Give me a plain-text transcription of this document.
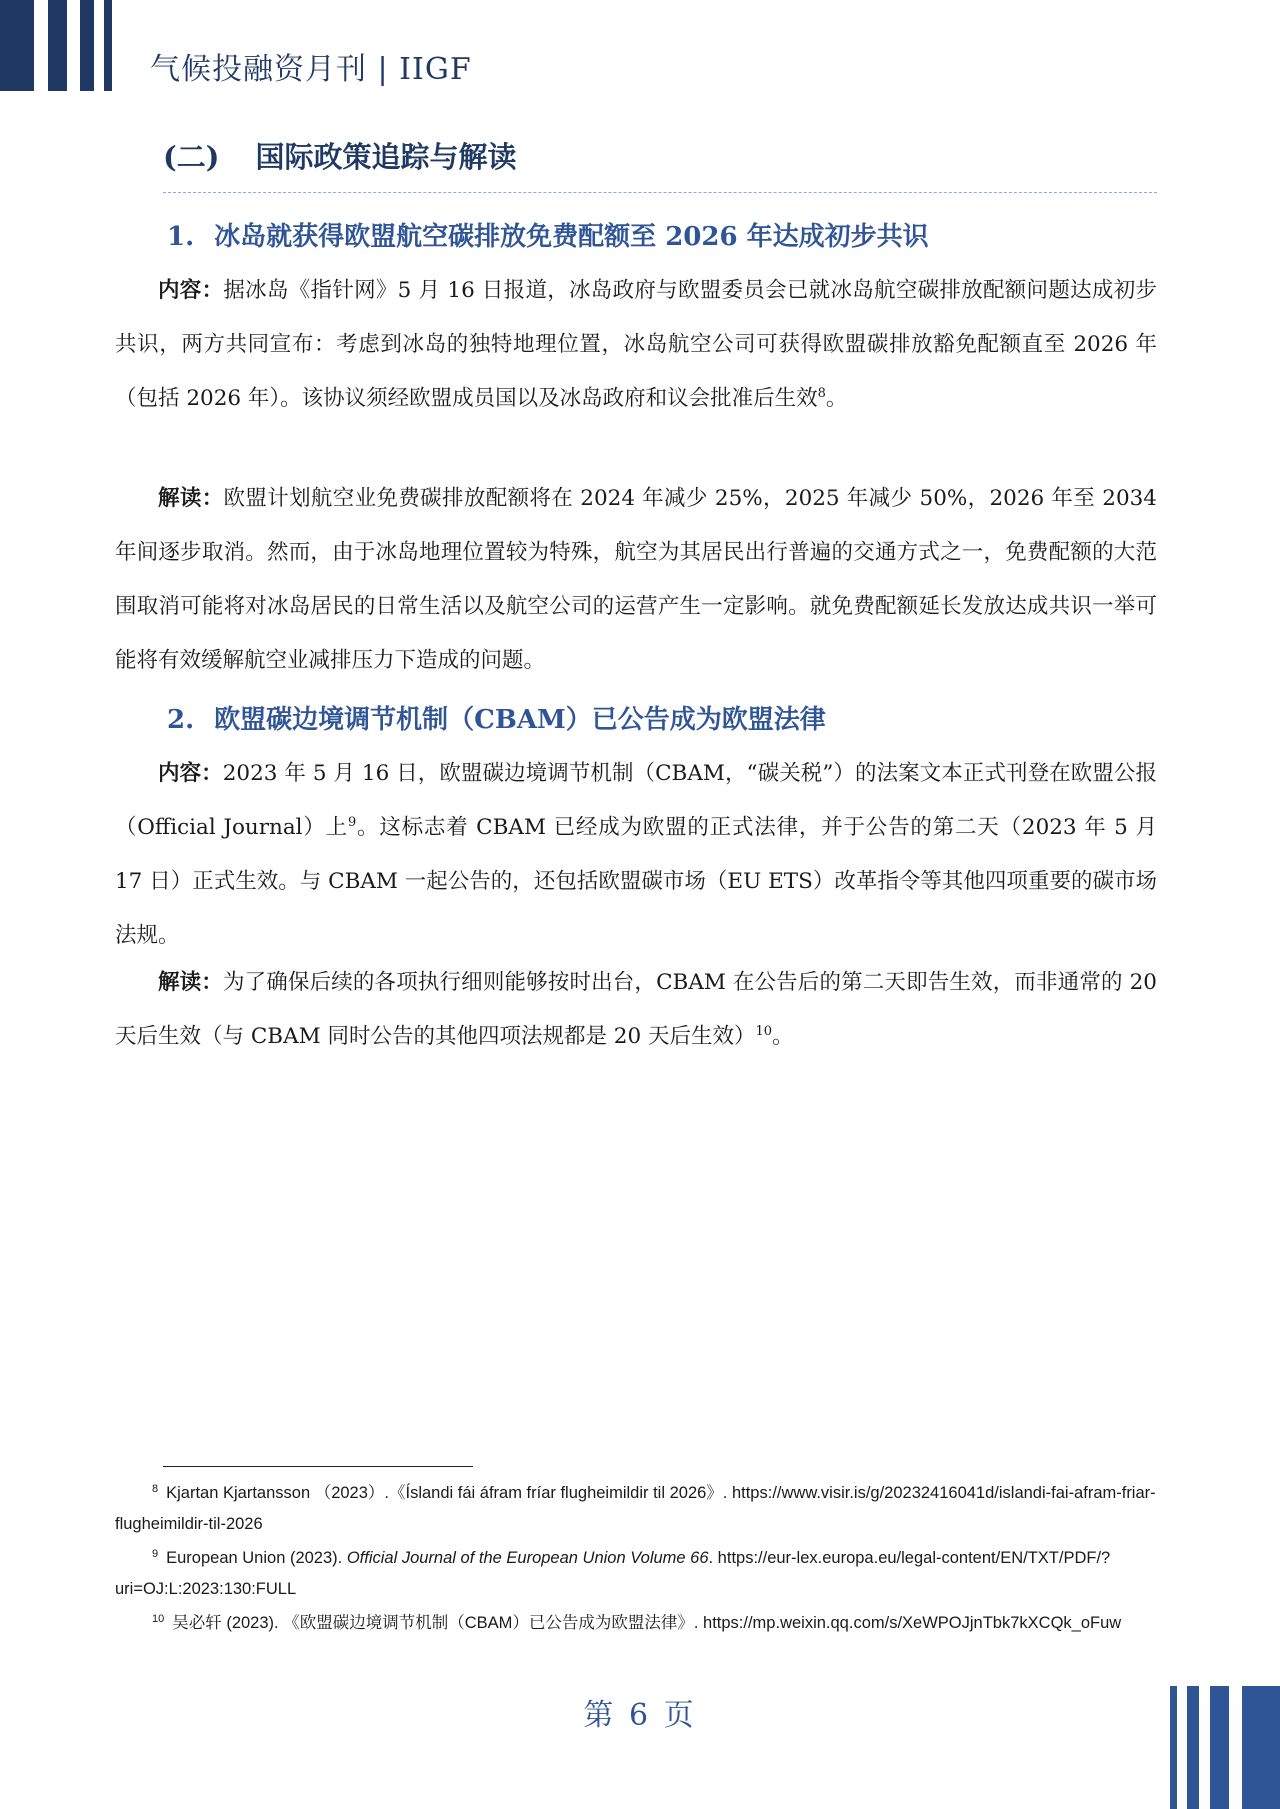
气候投融资月刊 | IIGF
(二) 国际政策追踪与解读
1. 冰岛就获得欧盟航空碳排放免费配额至 2026 年达成初步共识

内容：据冰岛《指针网》5 月 16 日报道，冰岛政府与欧盟委员会已就冰岛航空碳排放配额问题达成初步共识，两方共同宣布：考虑到冰岛的独特地理位置，冰岛航空公司可获得欧盟碳排放豁免配额直至 2026 年（包括 2026 年）。该协议须经欧盟成员国以及冰岛政府和议会批准后生效$^8$。

解读：欧盟计划航空业免费碳排放配额将在 2024 年减少 25%，2025 年减少 50%，2026 年至 2034 年间逐步取消。然而，由于冰岛地理位置较为特殊，航空为其居民出行普遍的交通方式之一，免费配额的大范围取消可能将对冰岛居民的日常生活以及航空公司的运营产生一定影响。就免费配额延长发放达成共识一举可能将有效缓解航空业减排压力下造成的问题。

2. 欧盟碳边境调节机制（CBAM）已公告成为欧盟法律

内容：2023 年 5 月 16 日，欧盟碳边境调节机制（CBAM，“碳关税”）的法案文本正式刊登在欧盟公报（Official Journal）上$^9$。这标志着 CBAM 已经成为欧盟的正式法律，并于公告的第二天（2023 年 5 月 17 日）正式生效。与 CBAM 一起公告的，还包括欧盟碳市场（EU ETS）改革指令等其他四项重要的碳市场法规。

解读：为了确保后续的各项执行细则能够按时出台，CBAM 在公告后的第二天即告生效，而非通常的 20 天后生效（与 CBAM 同时公告的其他四项法规都是 20 天后生效）$^{10}$。

$^8$ Kjartan Kjartansson （2023）.《Íslandi fái áfram fríar flugheimildir til 2026》. https://www.visir.is/g/20232416041d/islandi-fai-afram-friar-flugheimildir-til-2026

$^9$ European Union (2023). Official Journal of the European Union Volume 66. https://eur-lex.europa.eu/legal-content/EN/TXT/PDF/?uri=OJ:L:2023:130:FULL

$^{10}$ 吴必轩 (2023). 《欧盟碳边境调节机制（CBAM）已公告成为欧盟法律》. https://mp.weixin.qq.com/s/XeWPOJjnTbk7kXCQk_oFuw

第 6 页
